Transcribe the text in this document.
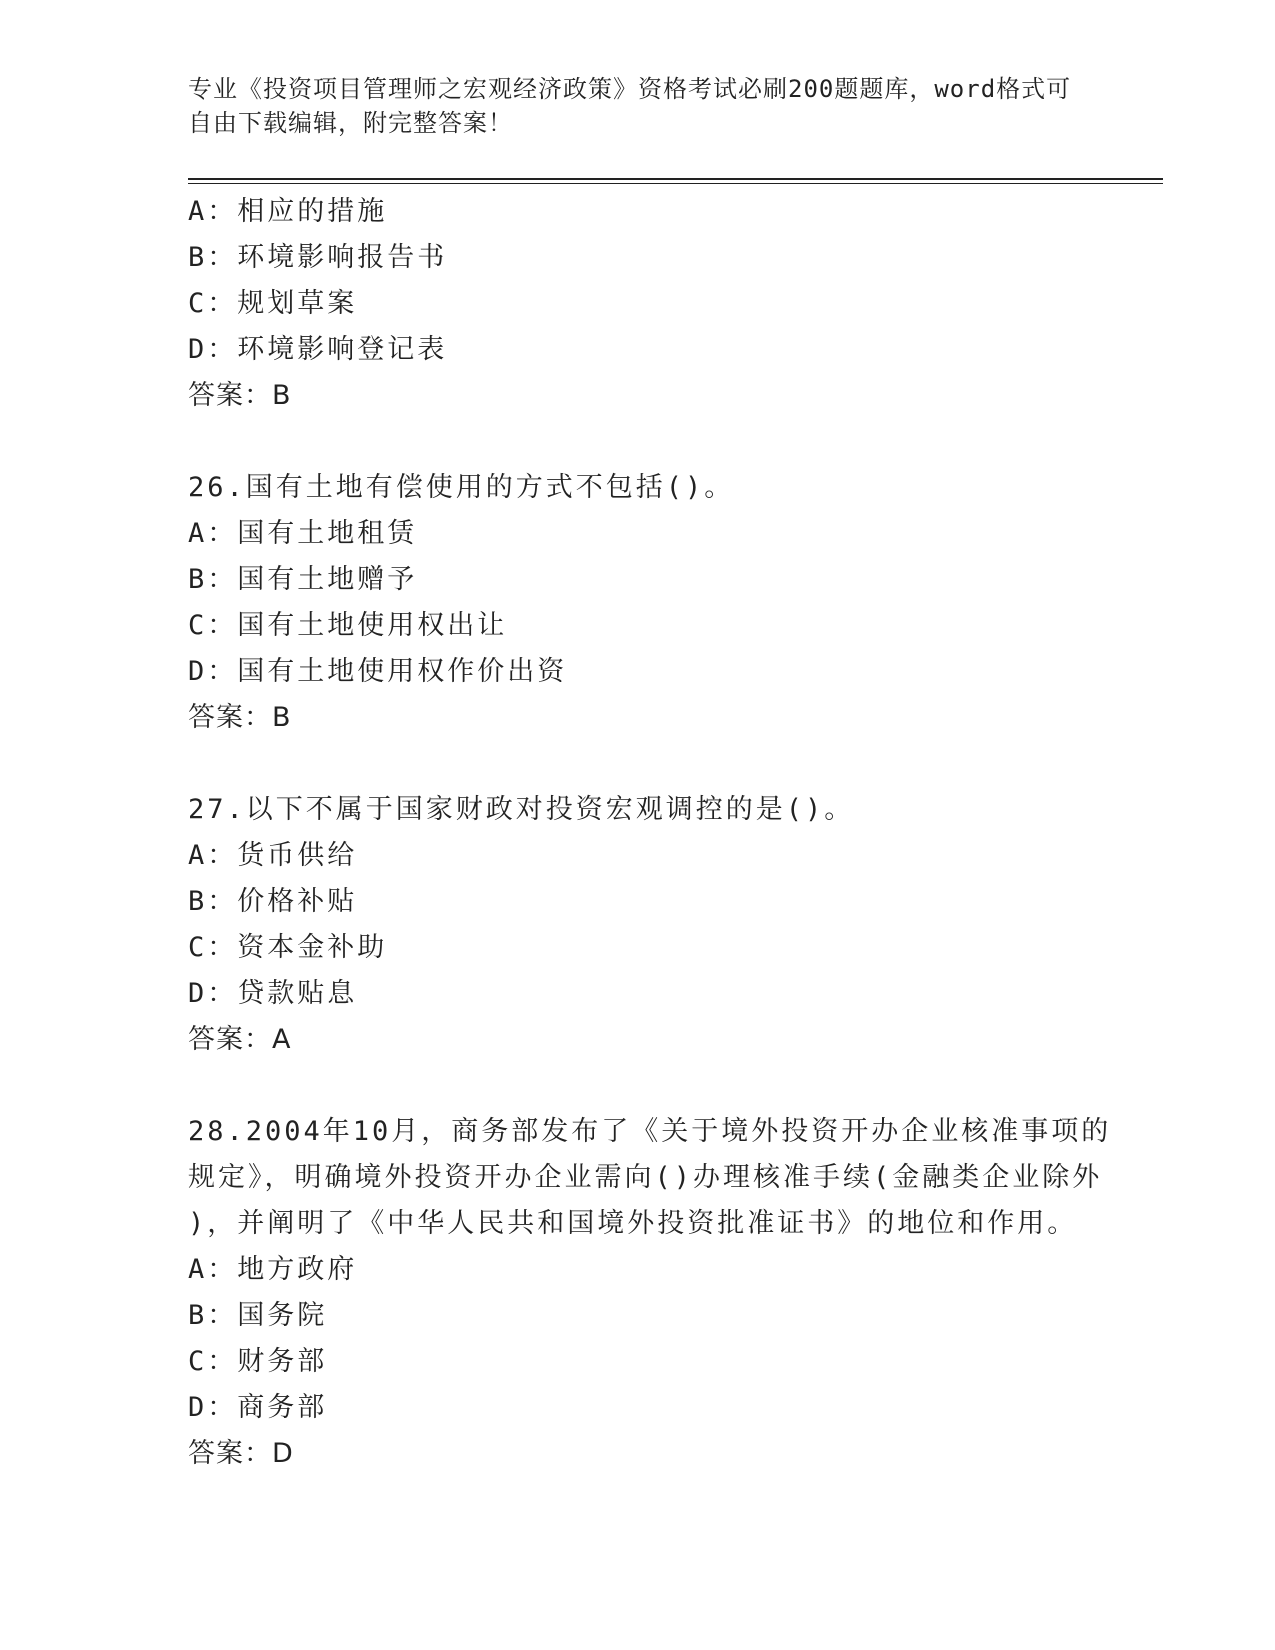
专业《投资项目管理师之宏观经济政策》资格考试必刷200题题库，word格式可
自由下载编辑，附完整答案！
A：相应的措施
B：环境影响报告书
C：规划草案
D：环境影响登记表
答案：B
26.国有土地有偿使用的方式不包括()。
A：国有土地租赁
B：国有土地赠予
C：国有土地使用权出让
D：国有土地使用权作价出资
答案：B
27.以下不属于国家财政对投资宏观调控的是()。
A：货币供给
B：价格补贴
C：资本金补助
D：贷款贴息
答案：A
28.2004年10月，商务部发布了《关于境外投资开办企业核准事项的
规定》，明确境外投资开办企业需向()办理核准手续(金融类企业除外
)，并阐明了《中华人民共和国境外投资批准证书》的地位和作用。
A：地方政府
B：国务院
C：财务部
D：商务部
答案：D
